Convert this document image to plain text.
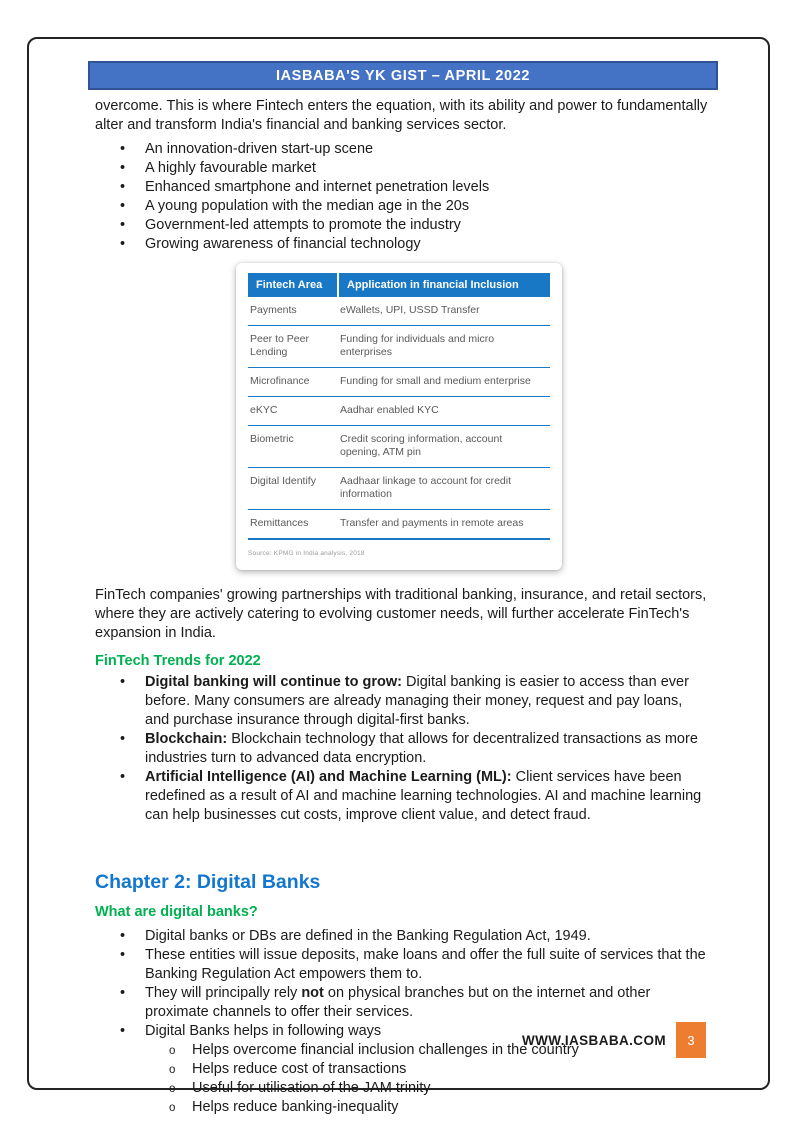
IASBABA'S YK GIST – APRIL 2022

overcome. This is where Fintech enters the equation, with its ability and power to fundamentally alter and transform India's financial and banking services sector.

• An innovation-driven start-up scene
• A highly favourable market
• Enhanced smartphone and internet penetration levels
• A young population with the median age in the 20s
• Government-led attempts to promote the industry
• Growing awareness of financial technology
Fintech Area	Application in financial Inclusion
Payments	eWallets, UPI, USSD Transfer
Peer to Peer Lending	Funding for individuals and micro enterprises
Microfinance	Funding for small and medium enterprise
eKYC	Aadhar enabled KYC
Biometric	Credit scoring information, account opening, ATM pin
Digital Identify	Aadhaar linkage to account for credit information
Remittances	Transfer and payments in remote areas
Source: KPMG in India analysis, 2018

FinTech companies' growing partnerships with traditional banking, insurance, and retail sectors, where they are actively catering to evolving customer needs, will further accelerate FinTech's expansion in India.

FinTech Trends for 2022
• Digital banking will continue to grow: Digital banking is easier to access than ever before. Many consumers are already managing their money, request and pay loans, and purchase insurance through digital-first banks.
• Blockchain: Blockchain technology that allows for decentralized transactions as more industries turn to advanced data encryption.
• Artificial Intelligence (AI) and Machine Learning (ML): Client services have been redefined as a result of AI and machine learning technologies. AI and machine learning can help businesses cut costs, improve client value, and detect fraud.
Chapter 2: Digital Banks
What are digital banks?
• Digital banks or DBs are defined in the Banking Regulation Act, 1949.
• These entities will issue deposits, make loans and offer the full suite of services that the Banking Regulation Act empowers them to.
• They will principally rely not on physical branches but on the internet and other proximate channels to offer their services.
• Digital Banks helps in following ways
o Helps overcome financial inclusion challenges in the country
o Helps reduce cost of transactions
o Useful for utilisation of the JAM trinity
o Helps reduce banking-inequality
WWW.IASBABA.COM	3
